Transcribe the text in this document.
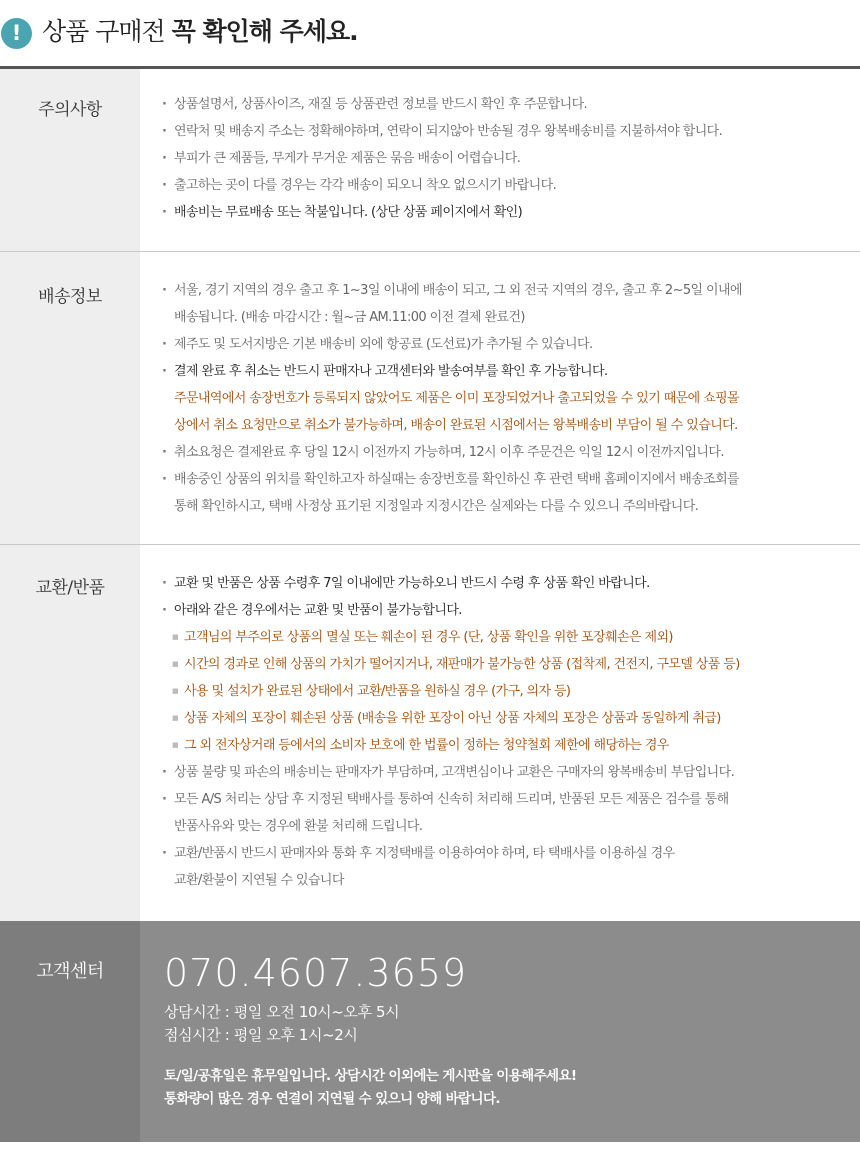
! 상품 구매전 꼭 확인해 주세요.
주의사항	· 상품설명서, 상품사이즈, 재질 등 상품관련 정보를 반드시 확인 후 주문합니다.
· 연락처 및 배송지 주소는 정확해야하며, 연락이 되지않아 반송될 경우 왕복배송비를 지불하셔야 합니다.
· 부피가 큰 제품들, 무게가 무거운 제품은 묶음 배송이 어렵습니다.
· 출고하는 곳이 다를 경우는 각각 배송이 되오니 착오 없으시기 바랍니다.
· 배송비는 무료배송 또는 착불입니다. (상단 상품 페이지에서 확인)
배송정보	· 서울, 경기 지역의 경우 출고 후 1~3일 이내에 배송이 되고, 그 외 전국 지역의 경우, 출고 후 2~5일 이내에
배송됩니다. (배송 마감시간 : 월~금 AM.11:00 이전 결제 완료건)
· 제주도 및 도서지방은 기본 배송비 외에 항공료 (도선료)가 추가될 수 있습니다.
· 결제 완료 후 취소는 반드시 판매자나 고객센터와 발송여부를 확인 후 가능합니다.
주문내역에서 송장번호가 등록되지 않았어도 제품은 이미 포장되었거나 출고되었을 수 있기 때문에 쇼핑몰
상에서 취소 요청만으로 취소가 불가능하며, 배송이 완료된 시점에서는 왕복배송비 부담이 될 수 있습니다.
· 취소요청은 결제완료 후 당일 12시 이전까지 가능하며, 12시 이후 주문건은 익일 12시 이전까지입니다.
· 배송중인 상품의 위치를 확인하고자 하실때는 송장번호를 확인하신 후 관련 택배 홈페이지에서 배송조회를
통해 확인하시고, 택배 사정상 표기된 지정일과 지정시간은 실제와는 다를 수 있으니 주의바랍니다.
교환/반품	· 교환 및 반품은 상품 수령후 7일 이내에만 가능하오니 반드시 수령 후 상품 확인 바랍니다.
· 아래와 같은 경우에서는 교환 및 반품이 불가능합니다.
■ 고객님의 부주의로 상품의 멸실 또는 훼손이 된 경우 (단, 상품 확인을 위한 포장훼손은 제외)
■ 시간의 경과로 인해 상품의 가치가 떨어지거나, 재판매가 불가능한 상품 (접착제, 건전지, 구모델 상품 등)
■ 사용 및 설치가 완료된 상태에서 교환/반품을 원하실 경우 (가구, 의자 등)
■ 상품 자체의 포장이 훼손된 상품 (배송을 위한 포장이 아닌 상품 자체의 포장은 상품과 동일하게 취급)
■ 그 외 전자상거래 등에서의 소비자 보호에 한 법률이 정하는 청약철회 제한에 해당하는 경우
· 상품 불량 및 파손의 배송비는 판매자가 부담하며, 고객변심이나 교환은 구매자의 왕복배송비 부담입니다.
· 모든 A/S 처리는 상담 후 지정된 택배사를 통하여 신속히 처리해 드리며, 반품된 모든 제품은 검수를 통해
반품사유와 맞는 경우에 환불 처리해 드립니다.
· 교환/반품시 반드시 판매자와 통화 후 지정택배를 이용하여야 하며, 타 택배사를 이용하실 경우
교환/환불이 지연될 수 있습니다
고객센터	070.4607.3659
상담시간 : 평일 오전 10시~오후 5시
점심시간 : 평일 오후 1시~2시
토/일/공휴일은 휴무일입니다. 상담시간 이외에는 게시판을 이용해주세요!
통화량이 많은 경우 연결이 지연될 수 있으니 양해 바랍니다.
